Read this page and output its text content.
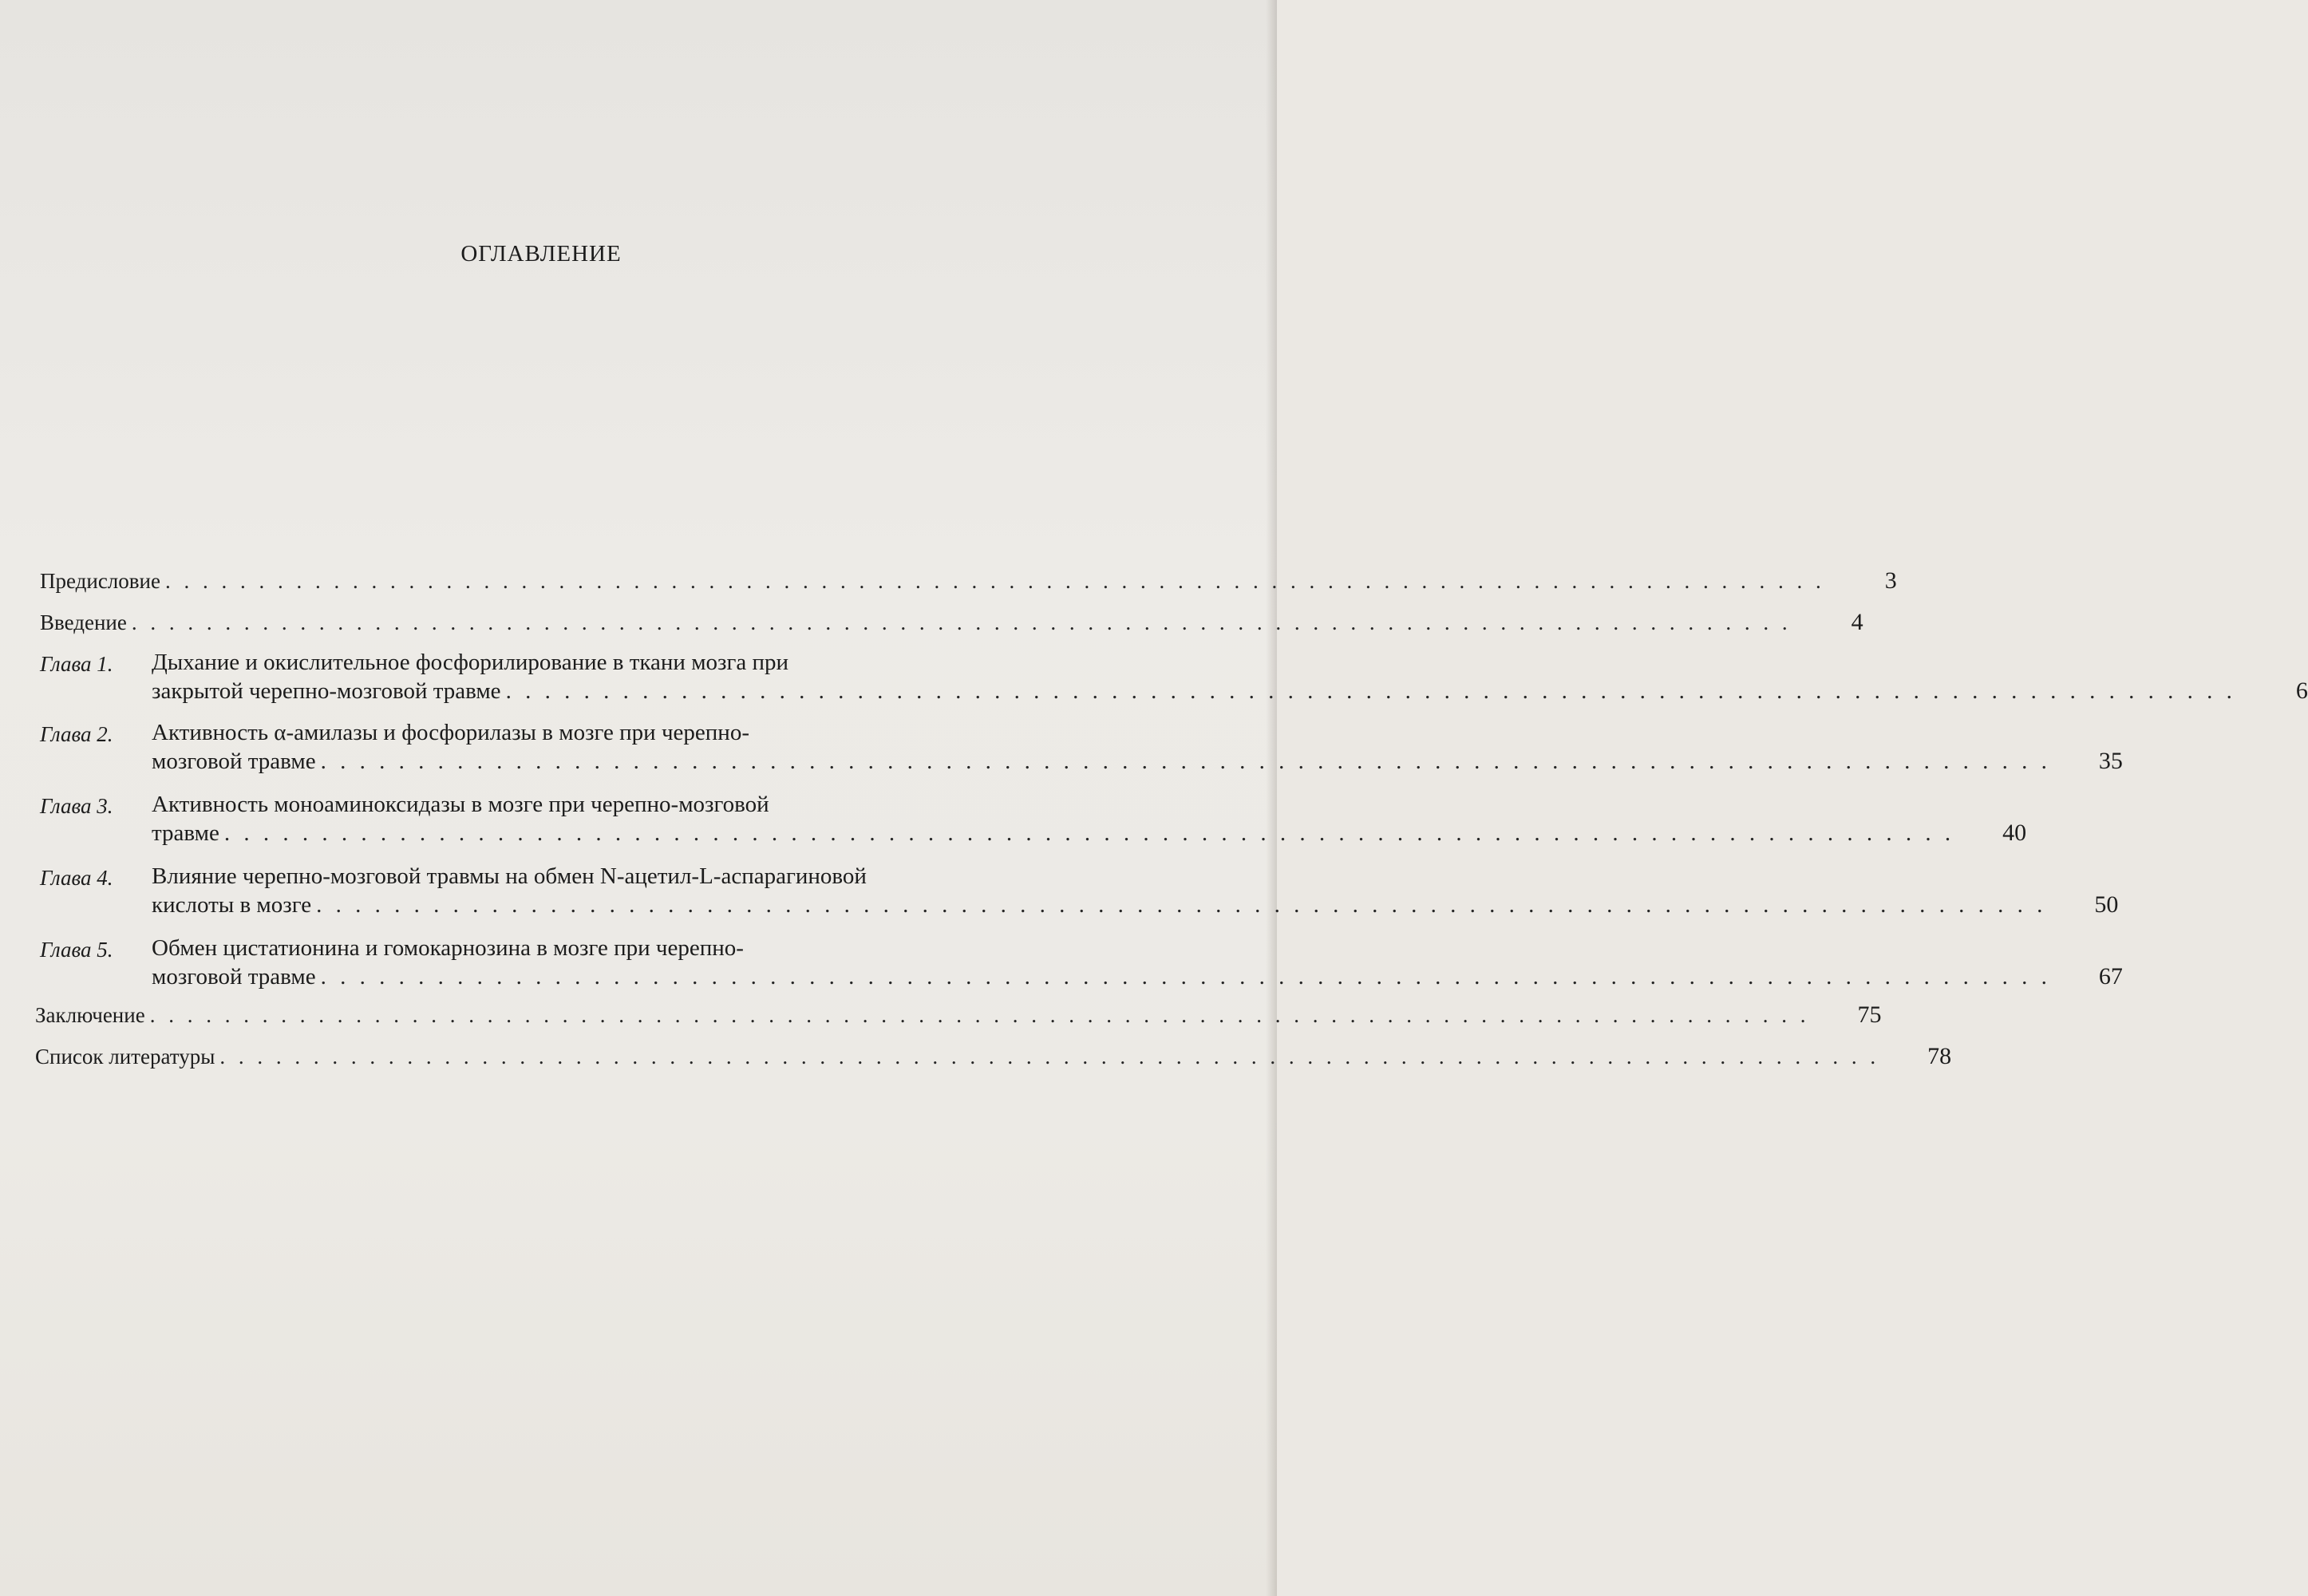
ОГЛАВЛЕНИЕ
Предисловие . . .	3
Введение . . .	4
Глава 1.	Дыхание и окислительное фосфорилирование в ткани мозга при
закрытой черепно-мозговой травме . . .	6
Глава 2.	Активность α-амилазы и фосфорилазы в мозге при черепно-
мозговой травме . . .	35
Глава 3.	Активность моноаминоксидазы в мозге при черепно-мозговой
травме . . .	40
Глава 4.	Влияние черепно-мозговой травмы на обмен N-ацетил-L-аспарагиновой
кислоты в мозге . . .	50
Глава 5.	Обмен цистатионина и гомокарнозина в мозге при черепно-
мозговой травме . . .	67
Заключение . . .	75
Список литературы . . .	78
